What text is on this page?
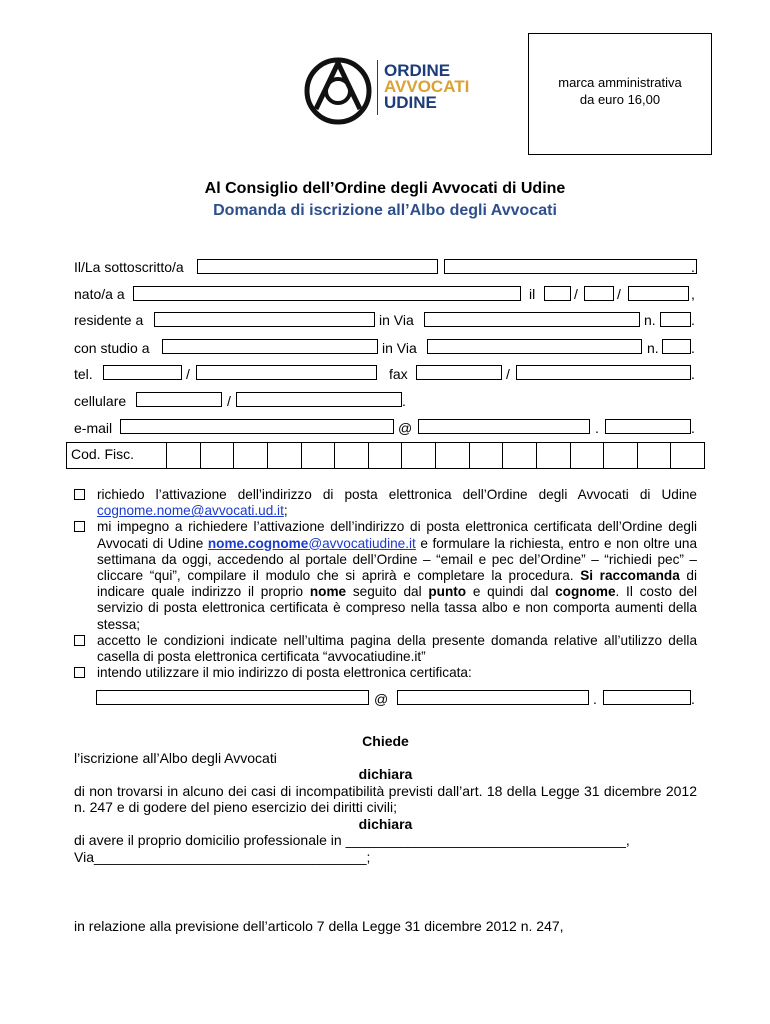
ORDINE
AVVOCATI
UDINE
marca amministrativa
da euro 16,00
Al Consiglio dell’Ordine degli Avvocati di Udine
Domanda di iscrizione all’Albo degli Avvocati
Il/La sottoscritto/a	.
nato/a a	il	/	/	,
residente a	in Via	n.	.
con studio a	in Via	n. .
tel.	/	fax	/	.
cellulare	/	.
e-mail	@	.	.
Cod. Fisc.
richiedo l’attivazione dell’indirizzo di posta elettronica dell’Ordine degli Avvocati di Udine cognome.nome@avvocati.ud.it;
mi impegno a richiedere l’attivazione dell’indirizzo di posta elettronica certificata dell’Ordine degli Avvocati di Udine nome.cognome@avvocatiudine.it e formulare la richiesta, entro e non oltre una settimana da oggi, accedendo al portale dell’Ordine – “email e pec del’Ordine” – “richiedi pec” – cliccare “qui”, compilare il modulo che si aprirà e completare la procedura. Si raccomanda di indicare quale indirizzo il proprio nome seguito dal punto e quindi dal cognome. Il costo del servizio di posta elettronica certificata è compreso nella tassa albo e non comporta aumenti della stessa;
accetto le condizioni indicate nell’ultima pagina della presente domanda relative all’utilizzo della casella di posta elettronica certificata “avvocatiudine.it”
intendo utilizzare il mio indirizzo di posta elettronica certificata:
@	.	.
Chiede
l’iscrizione all’Albo degli Avvocati
dichiara
di non trovarsi in alcuno dei casi di incompatibilità previsti dall’art. 18 della Legge 31 dicembre 2012 n. 247 e di godere del pieno esercizio dei diritti civili;
dichiara
di avere il proprio domicilio professionale in ____________________________________,
Via___________________________________;
in relazione alla previsione dell’articolo 7 della Legge 31 dicembre 2012 n. 247,
